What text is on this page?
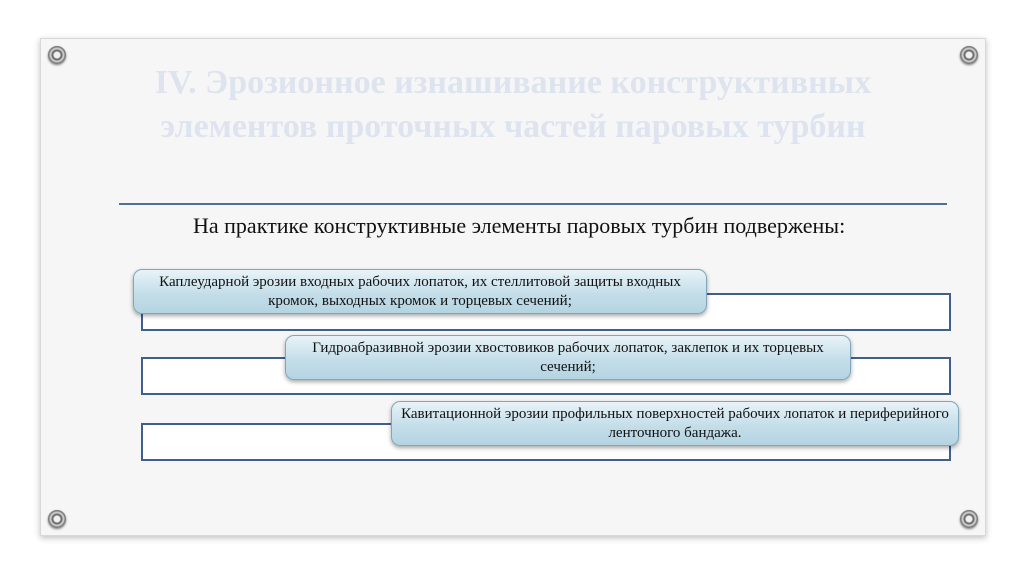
IV. Эрозионное изнашивание конструктивных элементов проточных частей паровых турбин

На практике конструктивные элементы паровых турбин подвержены:

Каплеударной эрозии входных рабочих лопаток, их стеллитовой защиты входных кромок, выходных кромок и торцевых сечений;
Гидроабразивной эрозии хвостовиков рабочих лопаток, заклепок и их торцевых сечений;
Кавитационной эрозии профильных поверхностей рабочих лопаток и периферийного ленточного бандажа.
